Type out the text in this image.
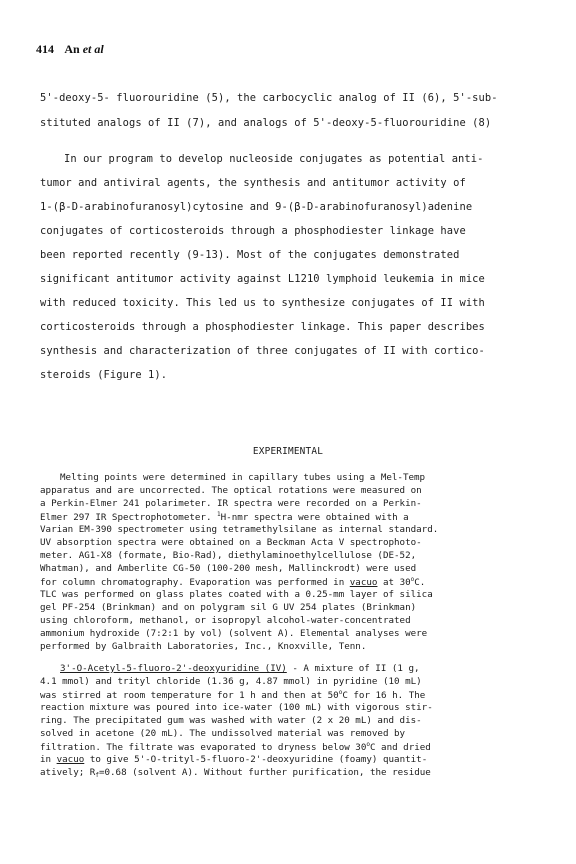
414 An et al
5'-deoxy-5- fluorouridine (5), the carbocyclic analog of II (6), 5'-sub-
stituted analogs of II (7), and analogs of 5'-deoxy-5-fluorouridine (8)
In our program to develop nucleoside conjugates as potential anti-
tumor and antiviral agents, the synthesis and antitumor activity of
1-(β-D-arabinofuranosyl)cytosine and 9-(β-D-arabinofuranosyl)adenine
conjugates of corticosteroids through a phosphodiester linkage have
been reported recently (9-13). Most of the conjugates demonstrated
significant antitumor activity against L1210 lymphoid leukemia in mice
with reduced toxicity. This led us to synthesize conjugates of II with
corticosteroids through a phosphodiester linkage. This paper describes
synthesis and characterization of three conjugates of II with cortico-
steroids (Figure 1).
EXPERIMENTAL
Melting points were determined in capillary tubes using a Mel-Temp
apparatus and are uncorrected. The optical rotations were measured on
a Perkin-Elmer 241 polarimeter. IR spectra were recorded on a Perkin-
Elmer 297 IR Spectrophotometer. $^1$H-nmr spectra were obtained with a
Varian EM-390 spectrometer using tetramethylsilane as internal standard.
UV absorption spectra were obtained on a Beckman Acta V spectrophoto-
meter. AG1-X8 (formate, Bio-Rad), diethylaminoethylcellulose (DE-52,
Whatman), and Amberlite CG-50 (100-200 mesh, Mallinckrodt) were used
for column chromatography. Evaporation was performed in vacuo at 30$^o$C.
TLC was performed on glass plates coated with a 0.25-mm layer of silica
gel PF-254 (Brinkman) and on polygram sil G UV 254 plates (Brinkman)
using chloroform, methanol, or isopropyl alcohol-water-concentrated
ammonium hydroxide (7:2:1 by vol) (solvent A). Elemental analyses were
performed by Galbraith Laboratories, Inc., Knoxville, Tenn.
3'-O-Acetyl-5-fluoro-2'-deoxyuridine (IV) - A mixture of II (1 g,
4.1 mmol) and trityl chloride (1.36 g, 4.87 mmol) in pyridine (10 mL)
was stirred at room temperature for 1 h and then at 50$^o$C for 16 h. The
reaction mixture was poured into ice-water (100 mL) with vigorous stir-
ring. The precipitated gum was washed with water (2 x 20 mL) and dis-
solved in acetone (20 mL). The undissolved material was removed by
filtration. The filtrate was evaporated to dryness below 30$^o$C and dried
in vacuo to give 5'-O-trityl-5-fluoro-2'-deoxyuridine (foamy) quantit-
atively; $R_f=0.68$ (solvent A). Without further purification, the residue
